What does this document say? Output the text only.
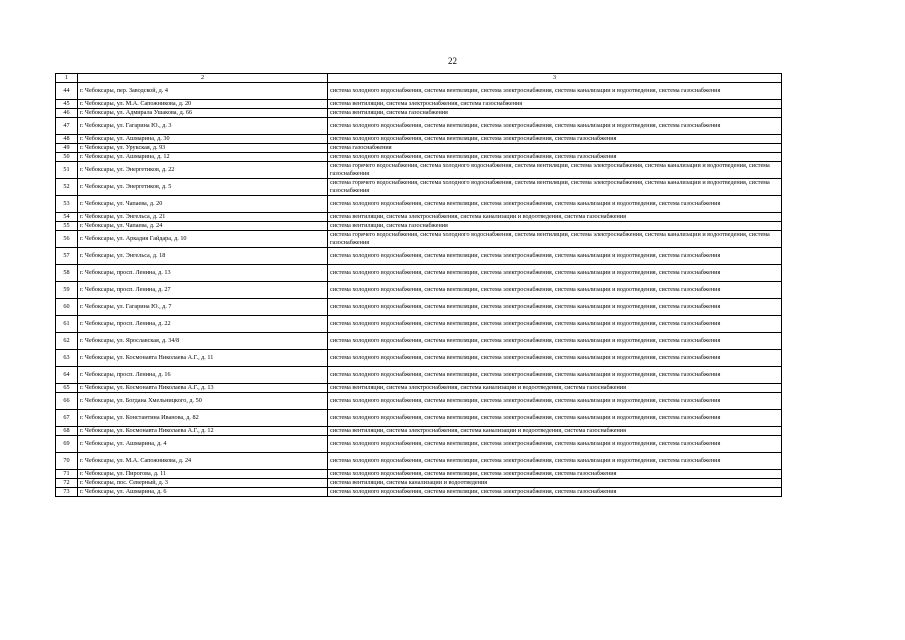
22
1	2	3
44	г. Чебоксары, пер. Заводской, д. 4	система холодного водоснабжения, система вентиляции, система электроснабжения, система канализации и водоотведения, система газоснабжения
45	г. Чебоксары, ул. М.А. Сапожникова, д. 20	система вентиляции, система электроснабжения, система газоснабжения
46	г. Чебоксары, ул. Адмирала Ушакова, д. 66	система вентиляции, система газоснабжения
47	г. Чебоксары, ул. Гагарина Ю., д. 3	система холодного водоснабжения, система вентиляции, система электроснабжения, система канализации и водоотведения, система газоснабжения
48	г. Чебоксары, ул. Ашмарина, д. 30	система холодного водоснабжения, система вентиляции, система электроснабжения, система газоснабжения
49	г. Чебоксары, ул. Урукская, д. 93	система газоснабжения
50	г. Чебоксары, ул. Ашмарина, д. 12	система холодного водоснабжения, система вентиляции, система электроснабжения, система газоснабжения
51	г. Чебоксары, ул. Энергетиков, д. 22	система горячего водоснабжения, система холодного водоснабжения, система вентиляции, система электроснабжения, система канализации и водоотведения, система газоснабжения
52	г. Чебоксары, ул. Энергетиков, д. 5	система горячего водоснабжения, система холодного водоснабжения, система вентиляции, система электроснабжения, система канализации и водоотведения, система газоснабжения
53	г. Чебоксары, ул. Чапаева, д. 20	система холодного водоснабжения, система вентиляции, система электроснабжения, система канализации и водоотведения, система газоснабжения
54	г. Чебоксары, ул. Энгельса, д. 21	система вентиляции, система электроснабжения, система канализации и водоотведения, система газоснабжения
55	г. Чебоксары, ул. Чапаева, д. 24	система вентиляции, система газоснабжения
56	г. Чебоксары, ул. Аркадия Гайдара, д. 10	система горячего водоснабжения, система холодного водоснабжения, система вентиляции, система электроснабжения, система канализации и водоотведения, система газоснабжения
57	г. Чебоксары, ул. Энгельса, д. 18	система холодного водоснабжения, система вентиляции, система электроснабжения, система канализации и водоотведения, система газоснабжения
58	г. Чебоксары, просп. Ленина, д. 13	система холодного водоснабжения, система вентиляции, система электроснабжения, система канализации и водоотведения, система газоснабжения
59	г. Чебоксары, просп. Ленина, д. 27	система холодного водоснабжения, система вентиляции, система электроснабжения, система канализации и водоотведения, система газоснабжения
60	г. Чебоксары, ул. Гагарина Ю., д. 7	система холодного водоснабжения, система вентиляции, система электроснабжения, система канализации и водоотведения, система газоснабжения
61	г. Чебоксары, просп. Ленина, д. 22	система холодного водоснабжения, система вентиляции, система электроснабжения, система канализации и водоотведения, система газоснабжения
62	г. Чебоксары, ул. Ярославская, д. 34/8	система холодного водоснабжения, система вентиляции, система электроснабжения, система канализации и водоотведения, система газоснабжения
63	г. Чебоксары, ул. Космонавта Николаева А.Г., д. 11	система холодного водоснабжения, система вентиляции, система электроснабжения, система канализации и водоотведения, система газоснабжения
64	г. Чебоксары, просп. Ленина, д. 16	система холодного водоснабжения, система вентиляции, система электроснабжения, система канализации и водоотведения, система газоснабжения
65	г. Чебоксары, ул. Космонавта Николаева А.Г., д. 13	система вентиляции, система электроснабжения, система канализации и водоотведения, система газоснабжения
66	г. Чебоксары, ул. Богдана Хмельницкого, д. 50	система холодного водоснабжения, система вентиляции, система электроснабжения, система канализации и водоотведения, система газоснабжения
67	г. Чебоксары, ул. Константина Иванова, д. 82	система холодного водоснабжения, система вентиляции, система электроснабжения, система канализации и водоотведения, система газоснабжения
68	г. Чебоксары, ул. Космонавта Николаева А.Г., д. 12	система вентиляции, система электроснабжения, система канализации и водоотведения, система газоснабжения
69	г. Чебоксары, ул. Ашмарина, д. 4	система холодного водоснабжения, система вентиляции, система электроснабжения, система канализации и водоотведения, система газоснабжения
70	г. Чебоксары, ул. М.А. Сапожникова, д. 24	система холодного водоснабжения, система вентиляции, система электроснабжения, система канализации и водоотведения, система газоснабжения
71	г. Чебоксары, ул. Пирогова, д. 11	система холодного водоснабжения, система вентиляции, система электроснабжения, система газоснабжения
72	г. Чебоксары, пос. Северный, д. 3	система вентиляции, система канализации и водоотведения
73	г. Чебоксары, ул. Ашмарина, д. 6	система холодного водоснабжения, система вентиляции, система электроснабжения, система газоснабжения
